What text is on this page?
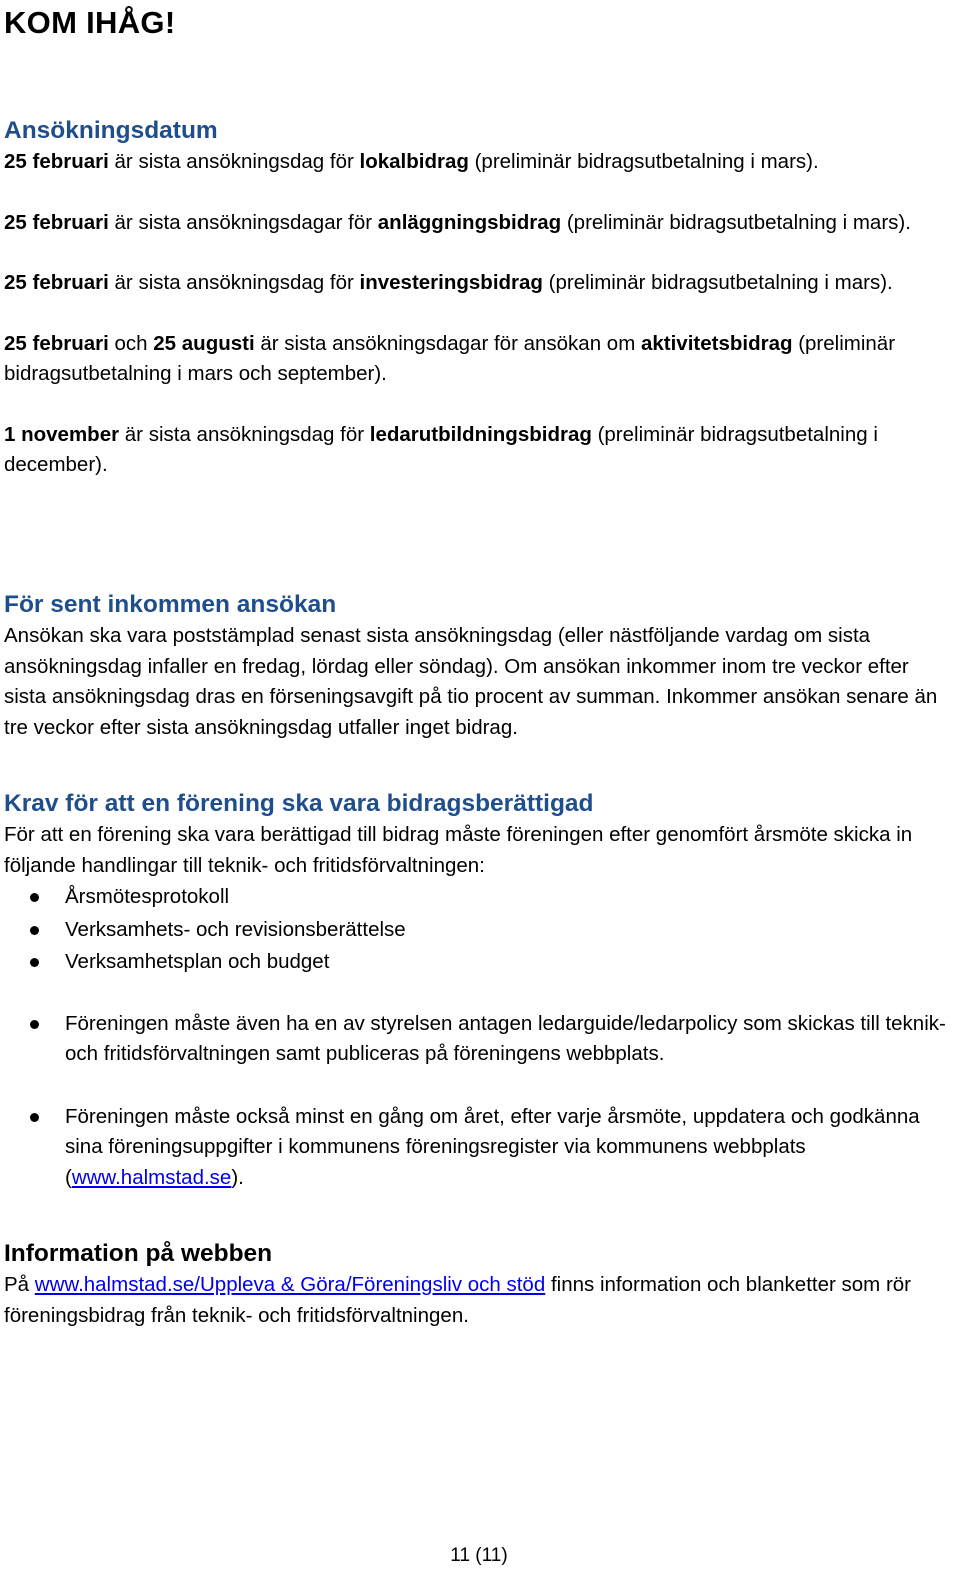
KOM IHÅG!
Ansökningsdatum

25 februari är sista ansökningsdag för lokalbidrag (preliminär bidragsutbetalning i mars).

25 februari är sista ansökningsdagar för anläggningsbidrag (preliminär bidragsutbetalning i mars).

25 februari är sista ansökningsdag för investeringsbidrag (preliminär bidragsutbetalning i mars).

25 februari och 25 augusti är sista ansökningsdagar för ansökan om aktivitetsbidrag (preliminär bidragsutbetalning i mars och september).

1 november är sista ansökningsdag för ledarutbildningsbidrag (preliminär bidragsutbetalning i december).

För sent inkommen ansökan

Ansökan ska vara poststämplad senast sista ansökningsdag (eller nästföljande vardag om sista ansökningsdag infaller en fredag, lördag eller söndag). Om ansökan inkommer inom tre veckor efter sista ansökningsdag dras en förseningsavgift på tio procent av summan. Inkommer ansökan senare än tre veckor efter sista ansökningsdag utfaller inget bidrag.

Krav för att en förening ska vara bidragsberättigad

För att en förening ska vara berättigad till bidrag måste föreningen efter genomfört årsmöte skicka in följande handlingar till teknik- och fritidsförvaltningen:

Årsmötesprotokoll
Verksamhets- och revisionsberättelse
Verksamhetsplan och budget
Föreningen måste även ha en av styrelsen antagen ledarguide/ledarpolicy som skickas till teknik- och fritidsförvaltningen samt publiceras på föreningens webbplats.
Föreningen måste också minst en gång om året, efter varje årsmöte, uppdatera och godkänna sina föreningsuppgifter i kommunens föreningsregister via kommunens webbplats (www.halmstad.se).
Information på webben

På www.halmstad.se/Uppleva & Göra/Föreningsliv och stöd finns information och blanketter som rör föreningsbidrag från teknik- och fritidsförvaltningen.

11 (11)
